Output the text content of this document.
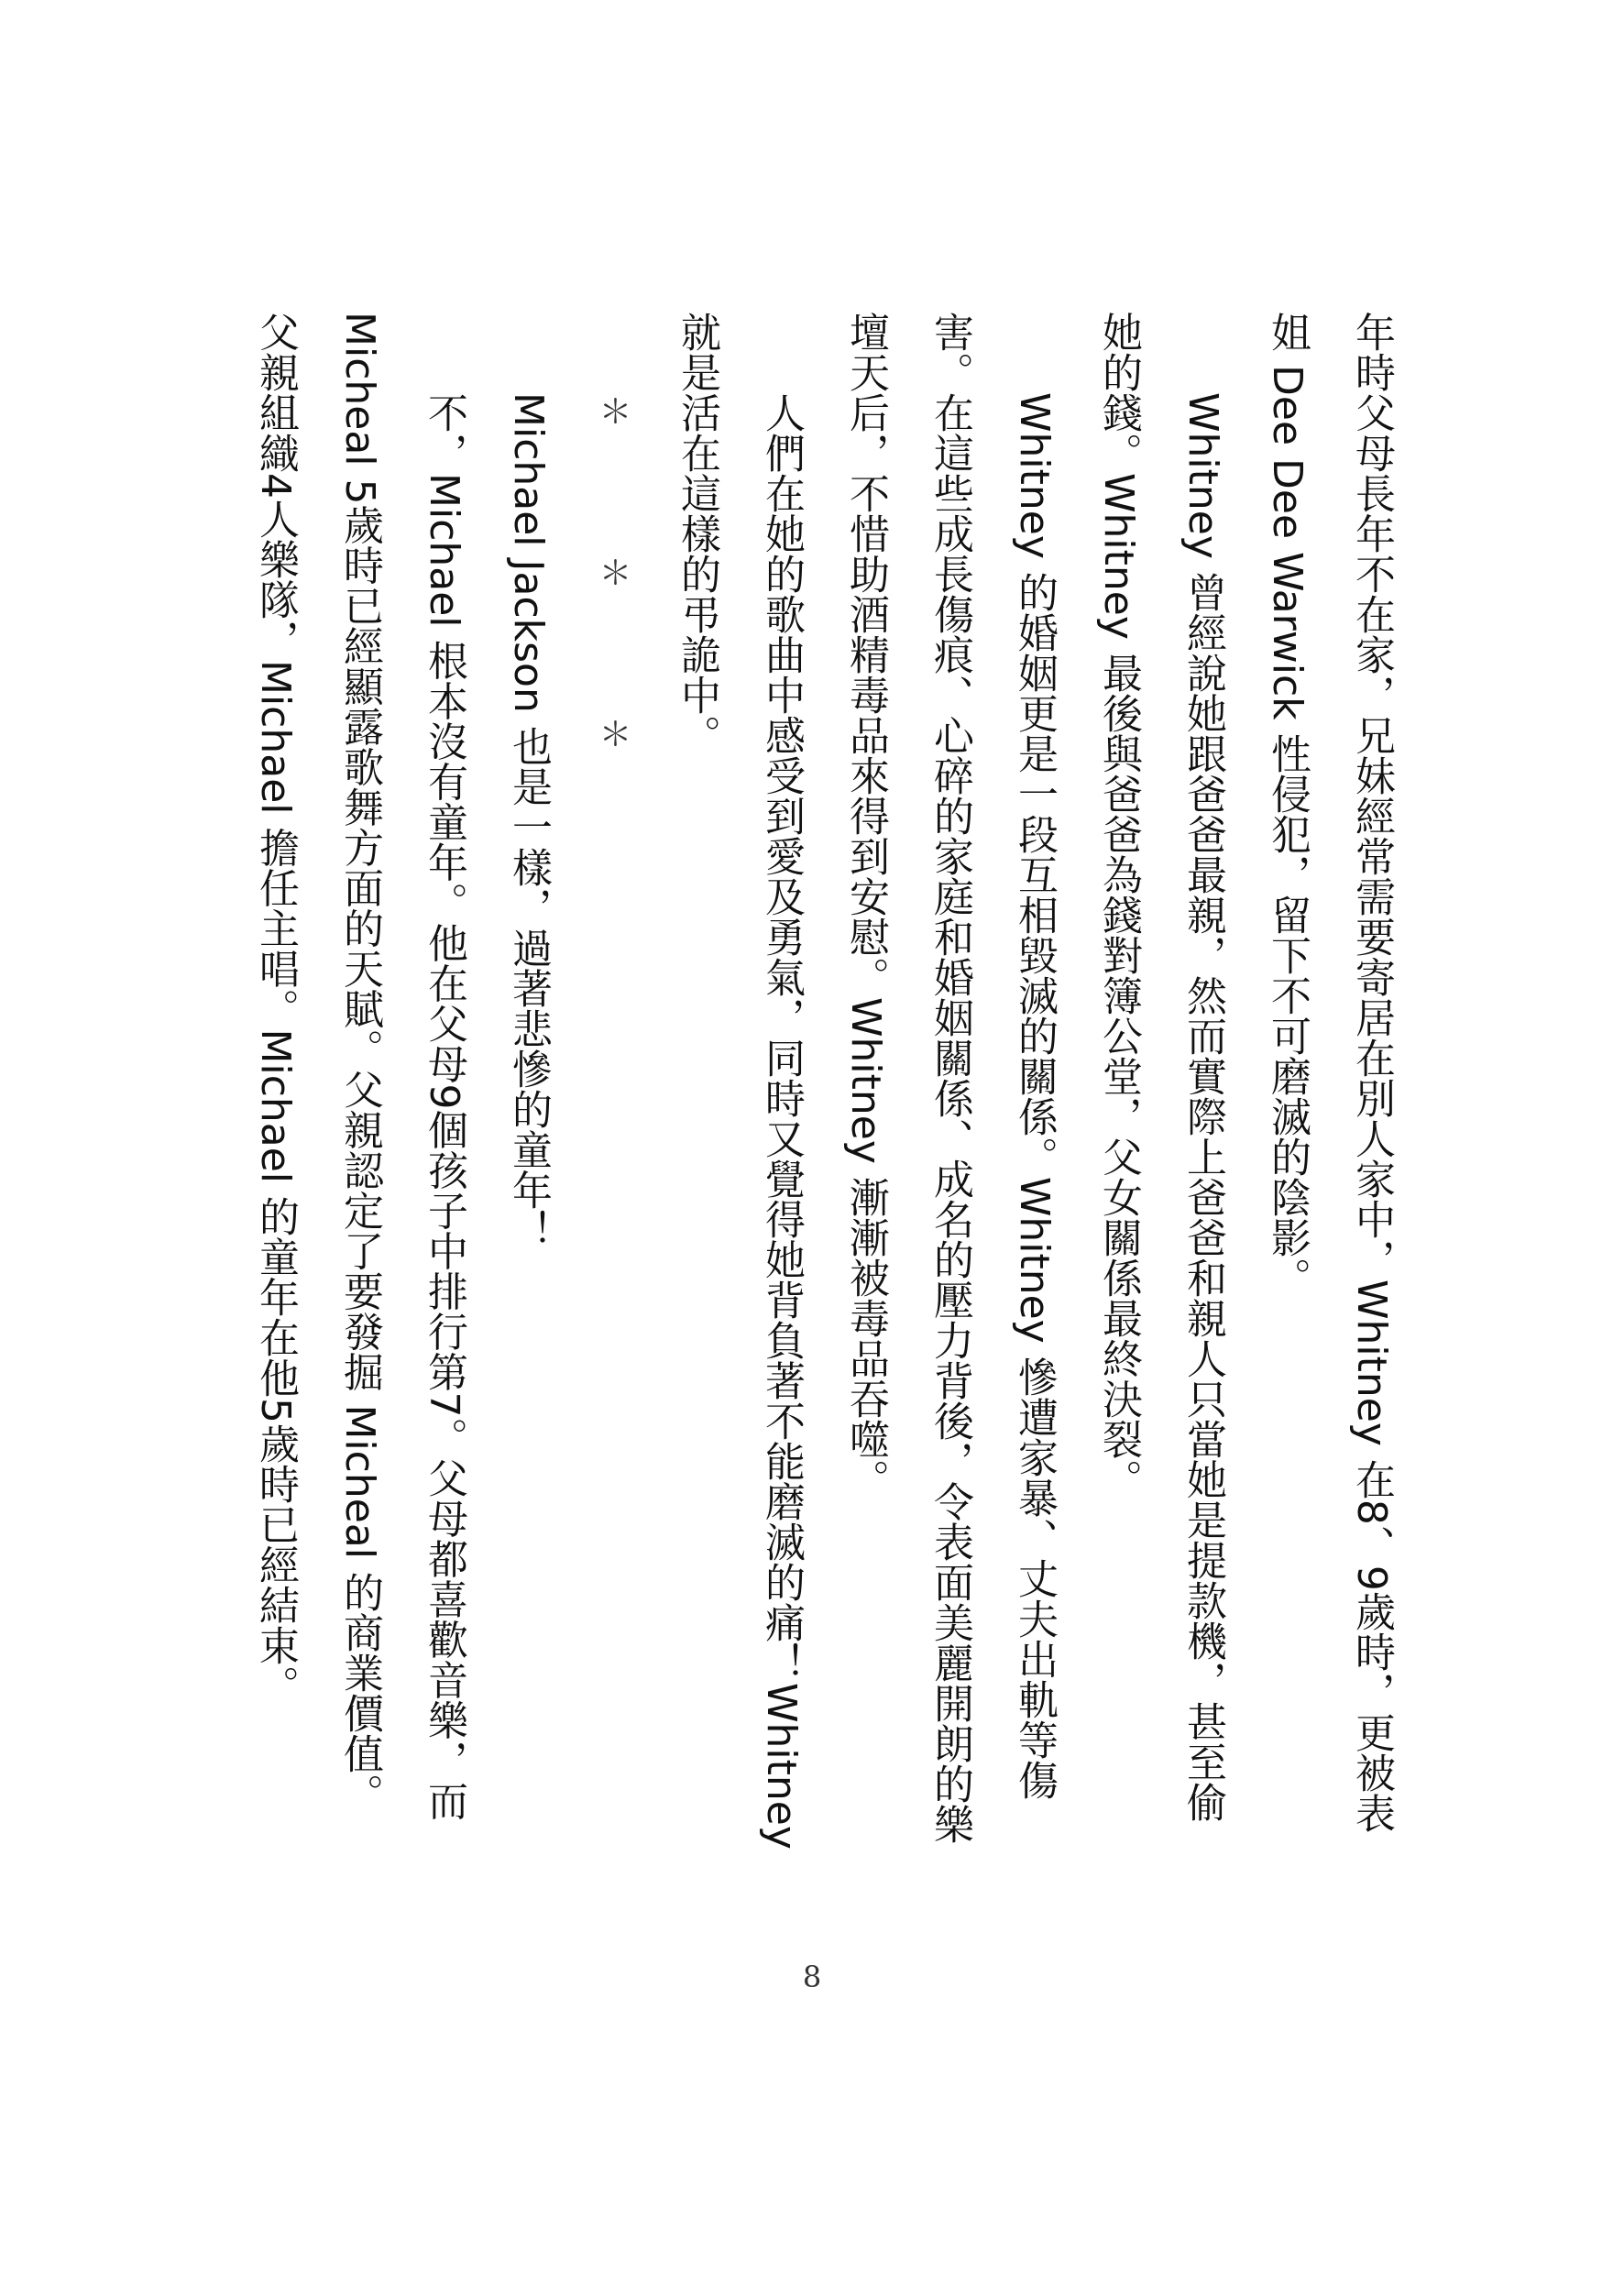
年時父母長年不在家，兄妹經常需要寄居在別人家中，Whitney 在8、9歲時，更被表姐 Dee Dee Warwick 性侵犯，留下不可磨滅的陰影。

Whitney 曾經說她跟爸爸最親，然而實際上爸爸和親人只當她是提款機，甚至偷她的錢。Whitney 最後與爸爸為錢對簿公堂，父女關係最終決裂。

Whitney 的婚姻更是一段互相毀滅的關係。Whitney 慘遭家暴、丈夫出軌等傷害。在這些成長傷痕、心碎的家庭和婚姻關係、成名的壓力背後，令表面美麗開朗的樂壇天后，不惜助酒精毒品來得到安慰。Whitney 漸漸被毒品吞噬。

人們在她的歌曲中感受到愛及勇氣，同時又覺得她背負著不能磨滅的痛！Whitney 就是活在這樣的弔詭中。

＊＊＊

Michael Jackson 也是一樣，過著悲慘的童年！

不，Michael 根本沒有童年。他在父母9個孩子中排行第7。父母都喜歡音樂，而 Micheal 5歲時已經顯露歌舞方面的天賦。父親認定了要發掘 Micheal 的商業價值。父親組織4人樂隊，Michael 擔任主唱。Michael 的童年在他5歲時已經結束。

8
